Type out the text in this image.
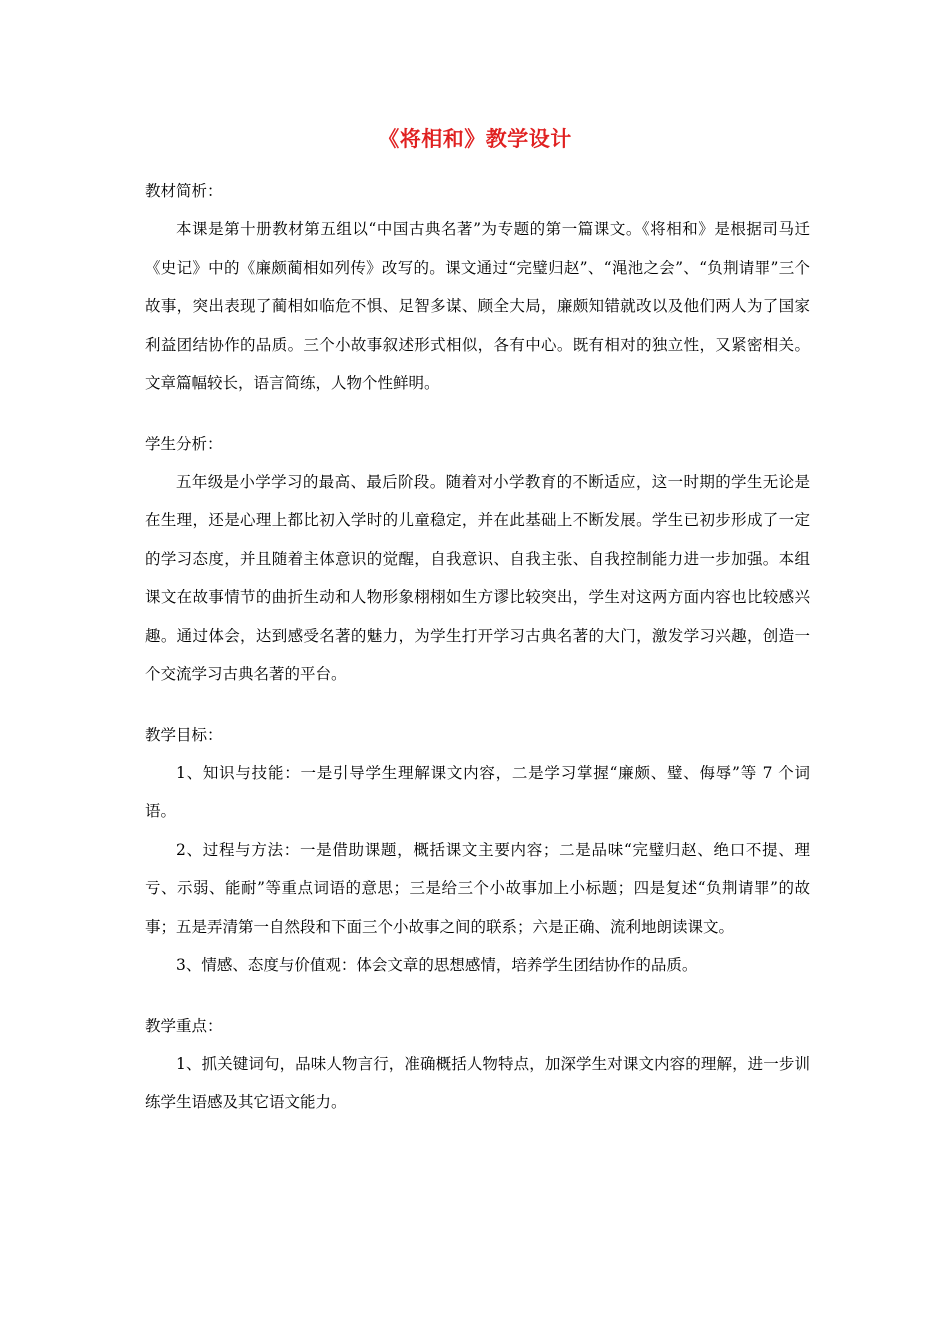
《将相和》教学设计

教材简析：

本课是第十册教材第五组以“中国古典名著”为专题的第一篇课文。《将相和》是根据司马迁《史记》中的《廉颇蔺相如列传》改写的。课文通过“完璧归赵”、“渑池之会”、“负荆请罪”三个故事，突出表现了蔺相如临危不惧、足智多谋、顾全大局，廉颇知错就改以及他们两人为了国家利益团结协作的品质。三个小故事叙述形式相似，各有中心。既有相对的独立性，又紧密相关。文章篇幅较长，语言简练，人物个性鲜明。

学生分析：

五年级是小学学习的最高、最后阶段。随着对小学教育的不断适应，这一时期的学生无论是在生理，还是心理上都比初入学时的儿童稳定，并在此基础上不断发展。学生已初步形成了一定的学习态度，并且随着主体意识的觉醒，自我意识、自我主张、自我控制能力进一步加强。本组课文在故事情节的曲折生动和人物形象栩栩如生方谬比较突出，学生对这两方面内容也比较感兴趣。通过体会，达到感受名著的魅力，为学生打开学习古典名著的大门，激发学习兴趣，创造一个交流学习古典名著的平台。

教学目标：

1、知识与技能：一是引导学生理解课文内容，二是学习掌握“廉颇、璧、侮辱”等 7 个词语。

2、过程与方法：一是借助课题，概括课文主要内容；二是品味“完璧归赵、绝口不提、理亏、示弱、能耐”等重点词语的意思；三是给三个小故事加上小标题；四是复述“负荆请罪”的故事；五是弄清第一自然段和下面三个小故事之间的联系；六是正确、流利地朗读课文。

3、情感、态度与价值观：体会文章的思想感情，培养学生团结协作的品质。

教学重点：

1、抓关键词句，品味人物言行，准确概括人物特点，加深学生对课文内容的理解，进一步训练学生语感及其它语文能力。
